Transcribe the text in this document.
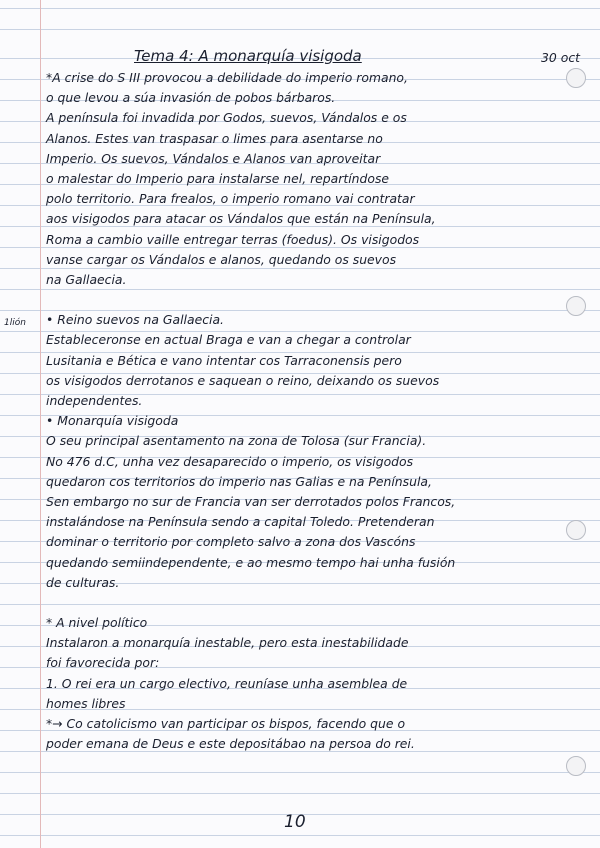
1lión
Tema 4: A monarquía visigoda	30 oct
*A crise do S III provocou a debilidade do imperio romano,
o que levou a súa invasión de pobos bárbaros.
A península foi invadida por Godos, suevos, Vándalos e os
Alanos. Estes van traspasar o limes para asentarse no
Imperio. Os suevos, Vándalos e Alanos van aproveitar
o malestar do Imperio para instalarse nel, repartíndose
polo territorio. Para frealos, o imperio romano vai contratar
aos visigodos para atacar os Vándalos que están na Península,
Roma a cambio vaille entregar terras (foedus). Os visigodos
vanse cargar os Vándalos e alanos, quedando os suevos
na Gallaecia.
• Reino suevos na Gallaecia.
Estableceronse en actual Braga e van a chegar a controlar
Lusitania e Bética e vano intentar cos Tarraconensis pero
os visigodos derrotanos e saquean o reino, deixando os suevos
independentes.
• Monarquía visigoda
O seu principal asentamento na zona de Tolosa (sur Francia).
No 476 d.C, unha vez desaparecido o imperio, os visigodos
quedaron cos territorios do imperio nas Galias e na Península,
Sen embargo no sur de Francia van ser derrotados polos Francos,
instalándose na Península sendo a capital Toledo. Pretenderan
dominar o territorio por completo salvo a zona dos Vascóns
quedando semiindependente, e ao mesmo tempo hai unha fusión
de culturas.
* A nivel político
Instalaron a monarquía inestable, pero esta inestabilidade
foi favorecida por:
1. O rei era un cargo electivo, reuníase unha asemblea de
homes libres
*→ Co catolicismo van participar os bispos, facendo que o
poder emana de Deus e este depositábao na persoa do rei.
10
